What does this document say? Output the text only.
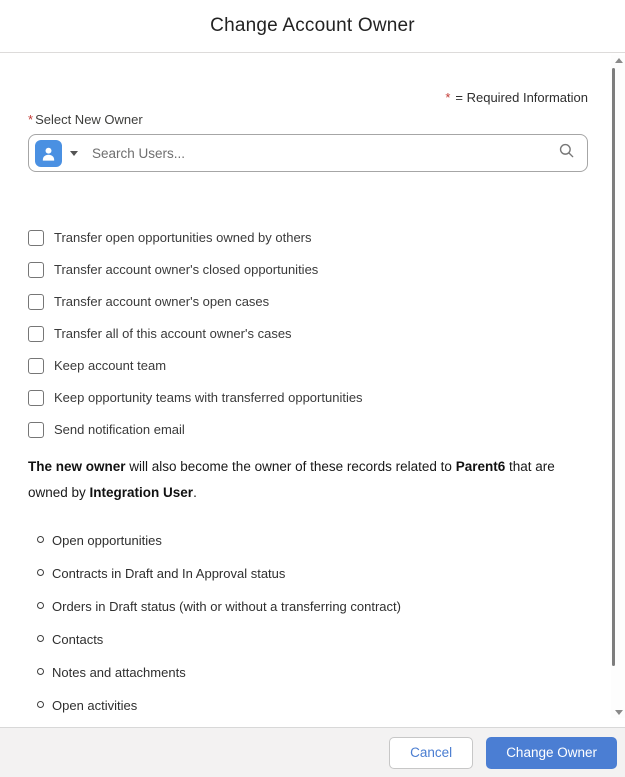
Change Account Owner
* = Required Information
* Select New Owner
Search Users...
Transfer open opportunities owned by others
Transfer account owner's closed opportunities
Transfer account owner's open cases
Transfer all of this account owner's cases
Keep account team
Keep opportunity teams with transferred opportunities
Send notification email

The new owner will also become the owner of these records related to Parent6 that are owned by Integration User.

Open opportunities
Contracts in Draft and In Approval status
Orders in Draft status (with or without a transferring contract)
Contacts
Notes and attachments
Open activities
Cancel	Change Owner
